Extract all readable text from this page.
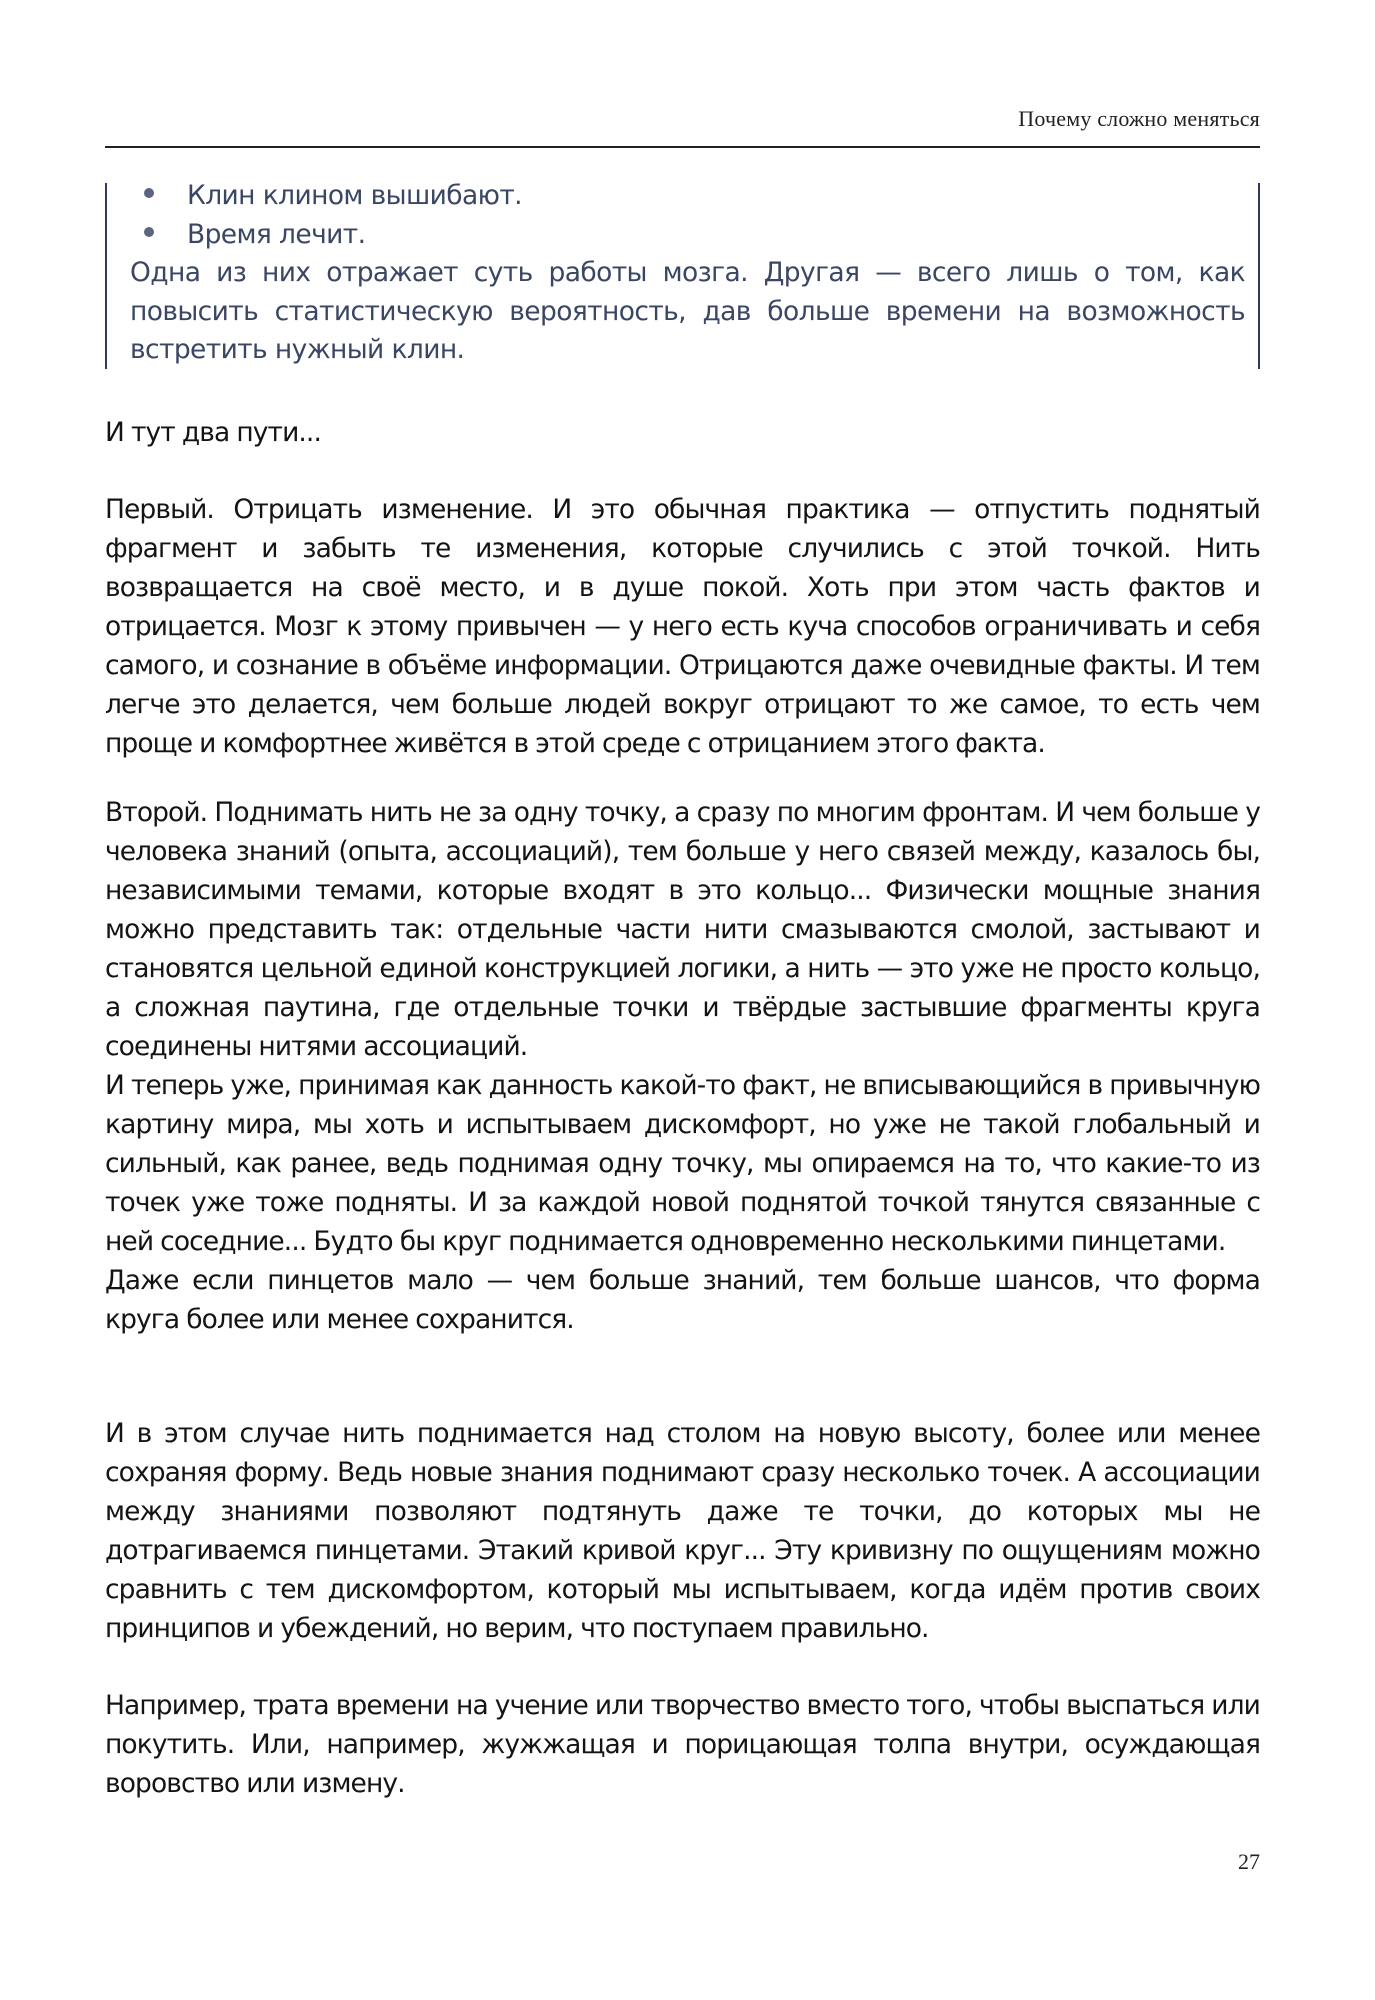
Почему сложно меняться
Клин клином вышибают.
Время лечит.

Одна из них отражает суть работы мозга. Другая — всего лишь о том, как повысить статистическую вероятность, дав больше времени на возможность встретить нужный клин.

И тут два пути...

Первый. Отрицать изменение. И это обычная практика — отпустить поднятый фрагмент и забыть те изменения, которые случились с этой точкой. Нить возвращается на своё место, и в душе покой. Хоть при этом часть фактов и отрицается. Мозг к этому привычен — у него есть куча способов ограничивать и себя самого, и сознание в объёме информации. Отрицаются даже очевидные факты. И тем легче это делается, чем больше людей вокруг отрицают то же самое, то есть чем проще и комфортнее живётся в этой среде с отрицанием этого факта.

Второй. Поднимать нить не за одну точку, а сразу по многим фронтам. И чем больше у человека знаний (опыта, ассоциаций), тем больше у него связей между, казалось бы, независимыми темами, которые входят в это кольцо... Физически мощные знания можно представить так: отдельные части нити смазываются смолой, застывают и становятся цельной единой конструкцией логики, а нить — это уже не просто кольцо, а сложная паутина, где отдельные точки и твёрдые застывшие фрагменты круга соединены нитями ассоциаций.

И теперь уже, принимая как данность какой-то факт, не вписывающийся в привычную картину мира, мы хоть и испытываем дискомфорт, но уже не такой глобальный и сильный, как ранее, ведь поднимая одну точку, мы опираемся на то, что какие-то из точек уже тоже подняты. И за каждой новой поднятой точкой тянутся связанные с ней соседние... Будто бы круг поднимается одновременно несколькими пинцетами.

Даже если пинцетов мало — чем больше знаний, тем больше шансов, что форма круга более или менее сохранится.

И в этом случае нить поднимается над столом на новую высоту, более или менее сохраняя форму. Ведь новые знания поднимают сразу несколько точек. А ассоциации между знаниями позволяют подтянуть даже те точки, до которых мы не дотрагиваемся пинцетами. Этакий кривой круг... Эту кривизну по ощущениям можно сравнить с тем дискомфортом, который мы испытываем, когда идём против своих принципов и убеждений, но верим, что поступаем правильно.

Например, трата времени на учение или творчество вместо того, чтобы выспаться или покутить. Или, например, жужжащая и порицающая толпа внутри, осуждающая воровство или измену.

27
